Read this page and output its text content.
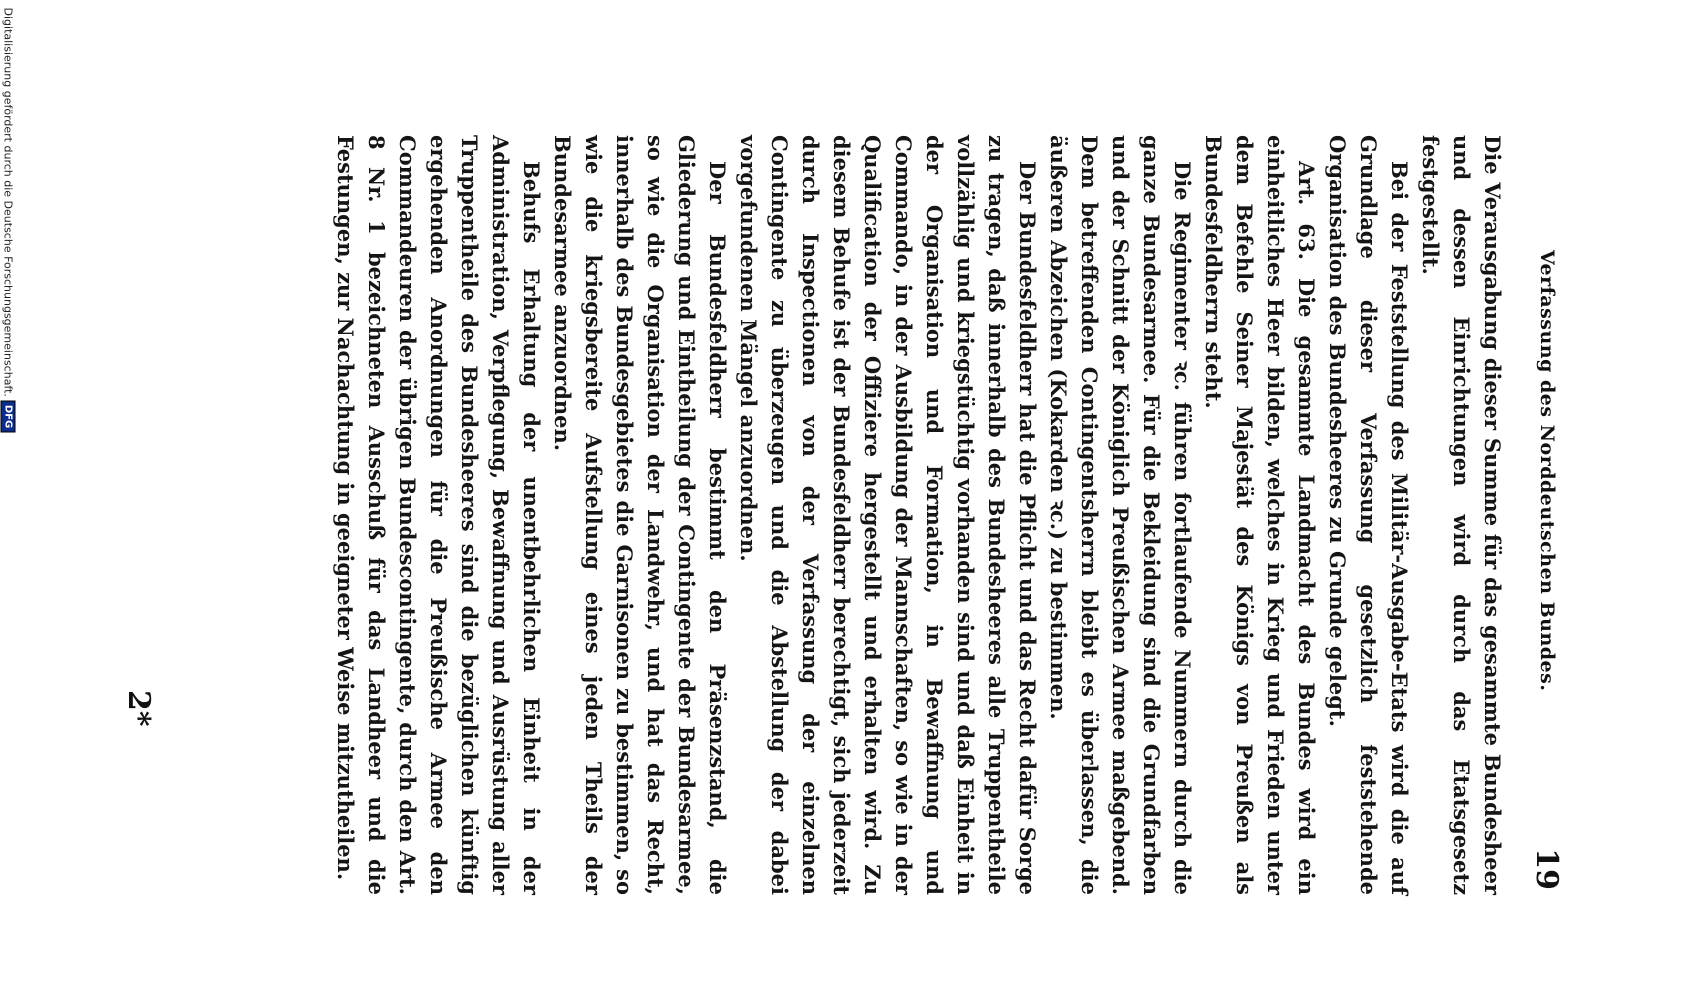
Digitalisierung gefördert durch die Deutsche Forschungsgemeinschaft.
DFG	Verfassung des Norddeutschen Bundes.
19

Die Verausgabung dieser Summe für das gesammte Bundesheer und dessen Einrichtungen wird durch das Etatsgesetz festgestellt.

Bei der Feststellung des Militär-Ausgabe-Etats wird die auf Grundlage dieser Verfassung gesetzlich feststehende Organisation des Bundesheeres zu Grunde gelegt.

Art. 63. Die gesammte Landmacht des Bundes wird ein einheitliches Heer bilden, welches in Krieg und Frieden unter dem Befehle Seiner Majestät des Königs von Preußen als Bundesfeldherrn steht.

Die Regimenter ꝛc. führen fortlaufende Nummern durch die ganze Bundesarmee. Für die Bekleidung sind die Grundfarben und der Schnitt der Königlich Preußischen Armee maßgebend. Dem betreffenden Contingentsherrn bleibt es überlassen, die äußeren Abzeichen (Kokarden ꝛc.) zu bestimmen.

Der Bundesfeldherr hat die Pflicht und das Recht dafür Sorge zu tragen, daß innerhalb des Bundesheeres alle Truppentheile vollzählig und kriegstüchtig vorhanden sind und daß Einheit in der Organisation und Formation, in Bewaffnung und Commando, in der Ausbildung der Mannschaften, so wie in der Qualification der Offiziere hergestellt und erhalten wird. Zu diesem Behufe ist der Bundesfeldherr berechtigt, sich jederzeit durch Inspectionen von der Verfassung der einzelnen Contingente zu überzeugen und die Abstellung der dabei vorgefundenen Mängel anzuordnen.

Der Bundesfeldherr bestimmt den Präsenzstand, die Gliederung und Eintheilung der Contingente der Bundesarmee, so wie die Organisation der Landwehr, und hat das Recht, innerhalb des Bundesgebietes die Garnisonen zu bestimmen, so wie die kriegsbereite Aufstellung eines jeden Theils der Bundesarmee anzuordnen.

Behufs Erhaltung der unentbehrlichen Einheit in der Administration, Verpflegung, Bewaffnung und Ausrüstung aller Truppentheile des Bundesheeres sind die bezüglichen künftig ergehenden Anordnungen für die Preußische Armee den Commandeuren der übrigen Bundescontingente, durch den Art. 8 Nr. 1 bezeichneten Ausschuß für das Landheer und die Festungen, zur Nachachtung in geeigneter Weise mitzutheilen.

2*
